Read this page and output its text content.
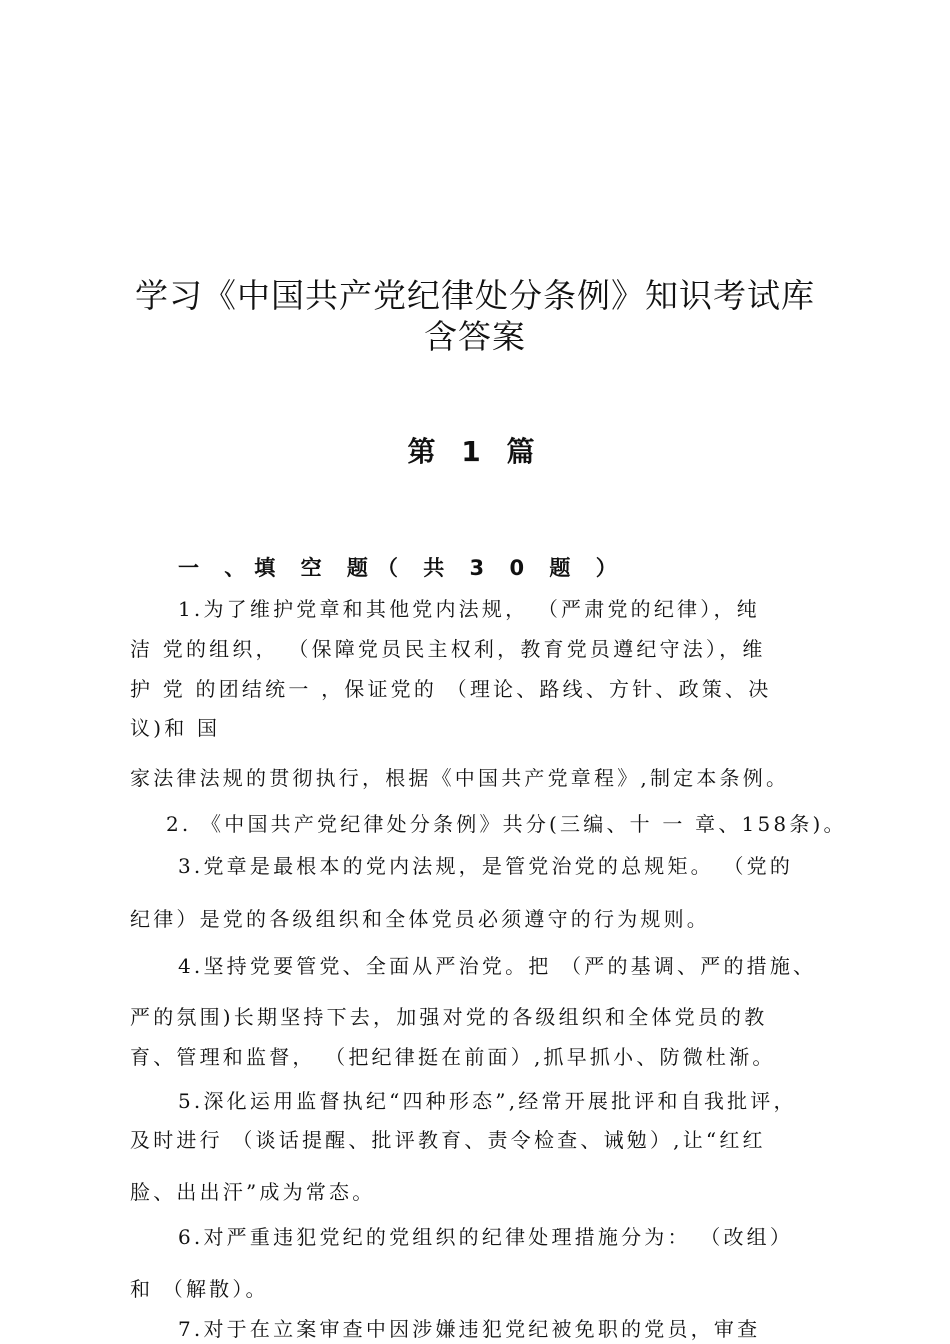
学习《中国共产党纪律处分条例》知识考试库
含答案
第 1 篇
一 、填 空 题（ 共 3 0 题 ）
1.为了维护党章和其他党内法规， （严肃党的纪律），纯
洁 党的组织， （保障党员民主权利，教育党员遵纪守法），维
护 党 的团结统一 ，保证党的 （理论、路线、方针、政策、决
议)和 国
家法律法规的贯彻执行，根据《中国共产党章程》,制定本条例。
2. 《中国共产党纪律处分条例》共分(三编、十 一 章、158条)。
3.党章是最根本的党内法规，是管党治党的总规矩。 （党的
纪律）是党的各级组织和全体党员必须遵守的行为规则。
4.坚持党要管党、全面从严治党。把 （严的基调、严的措施、
严的氛围)长期坚持下去，加强对党的各级组织和全体党员的教
育、管理和监督， （把纪律挺在前面）,抓早抓小、防微杜渐。
5.深化运用监督执纪“四种形态”,经常开展批评和自我批评，
及时进行 （谈话提醒、批评教育、责令检查、诫勉）,让“红红
脸、出出汗”成为常态。
6.对严重违犯党纪的党组织的纪律处理措施分为： （改组）
和 （解散）。
7.对于在立案审查中因涉嫌违犯党纪被免职的党员，审查
